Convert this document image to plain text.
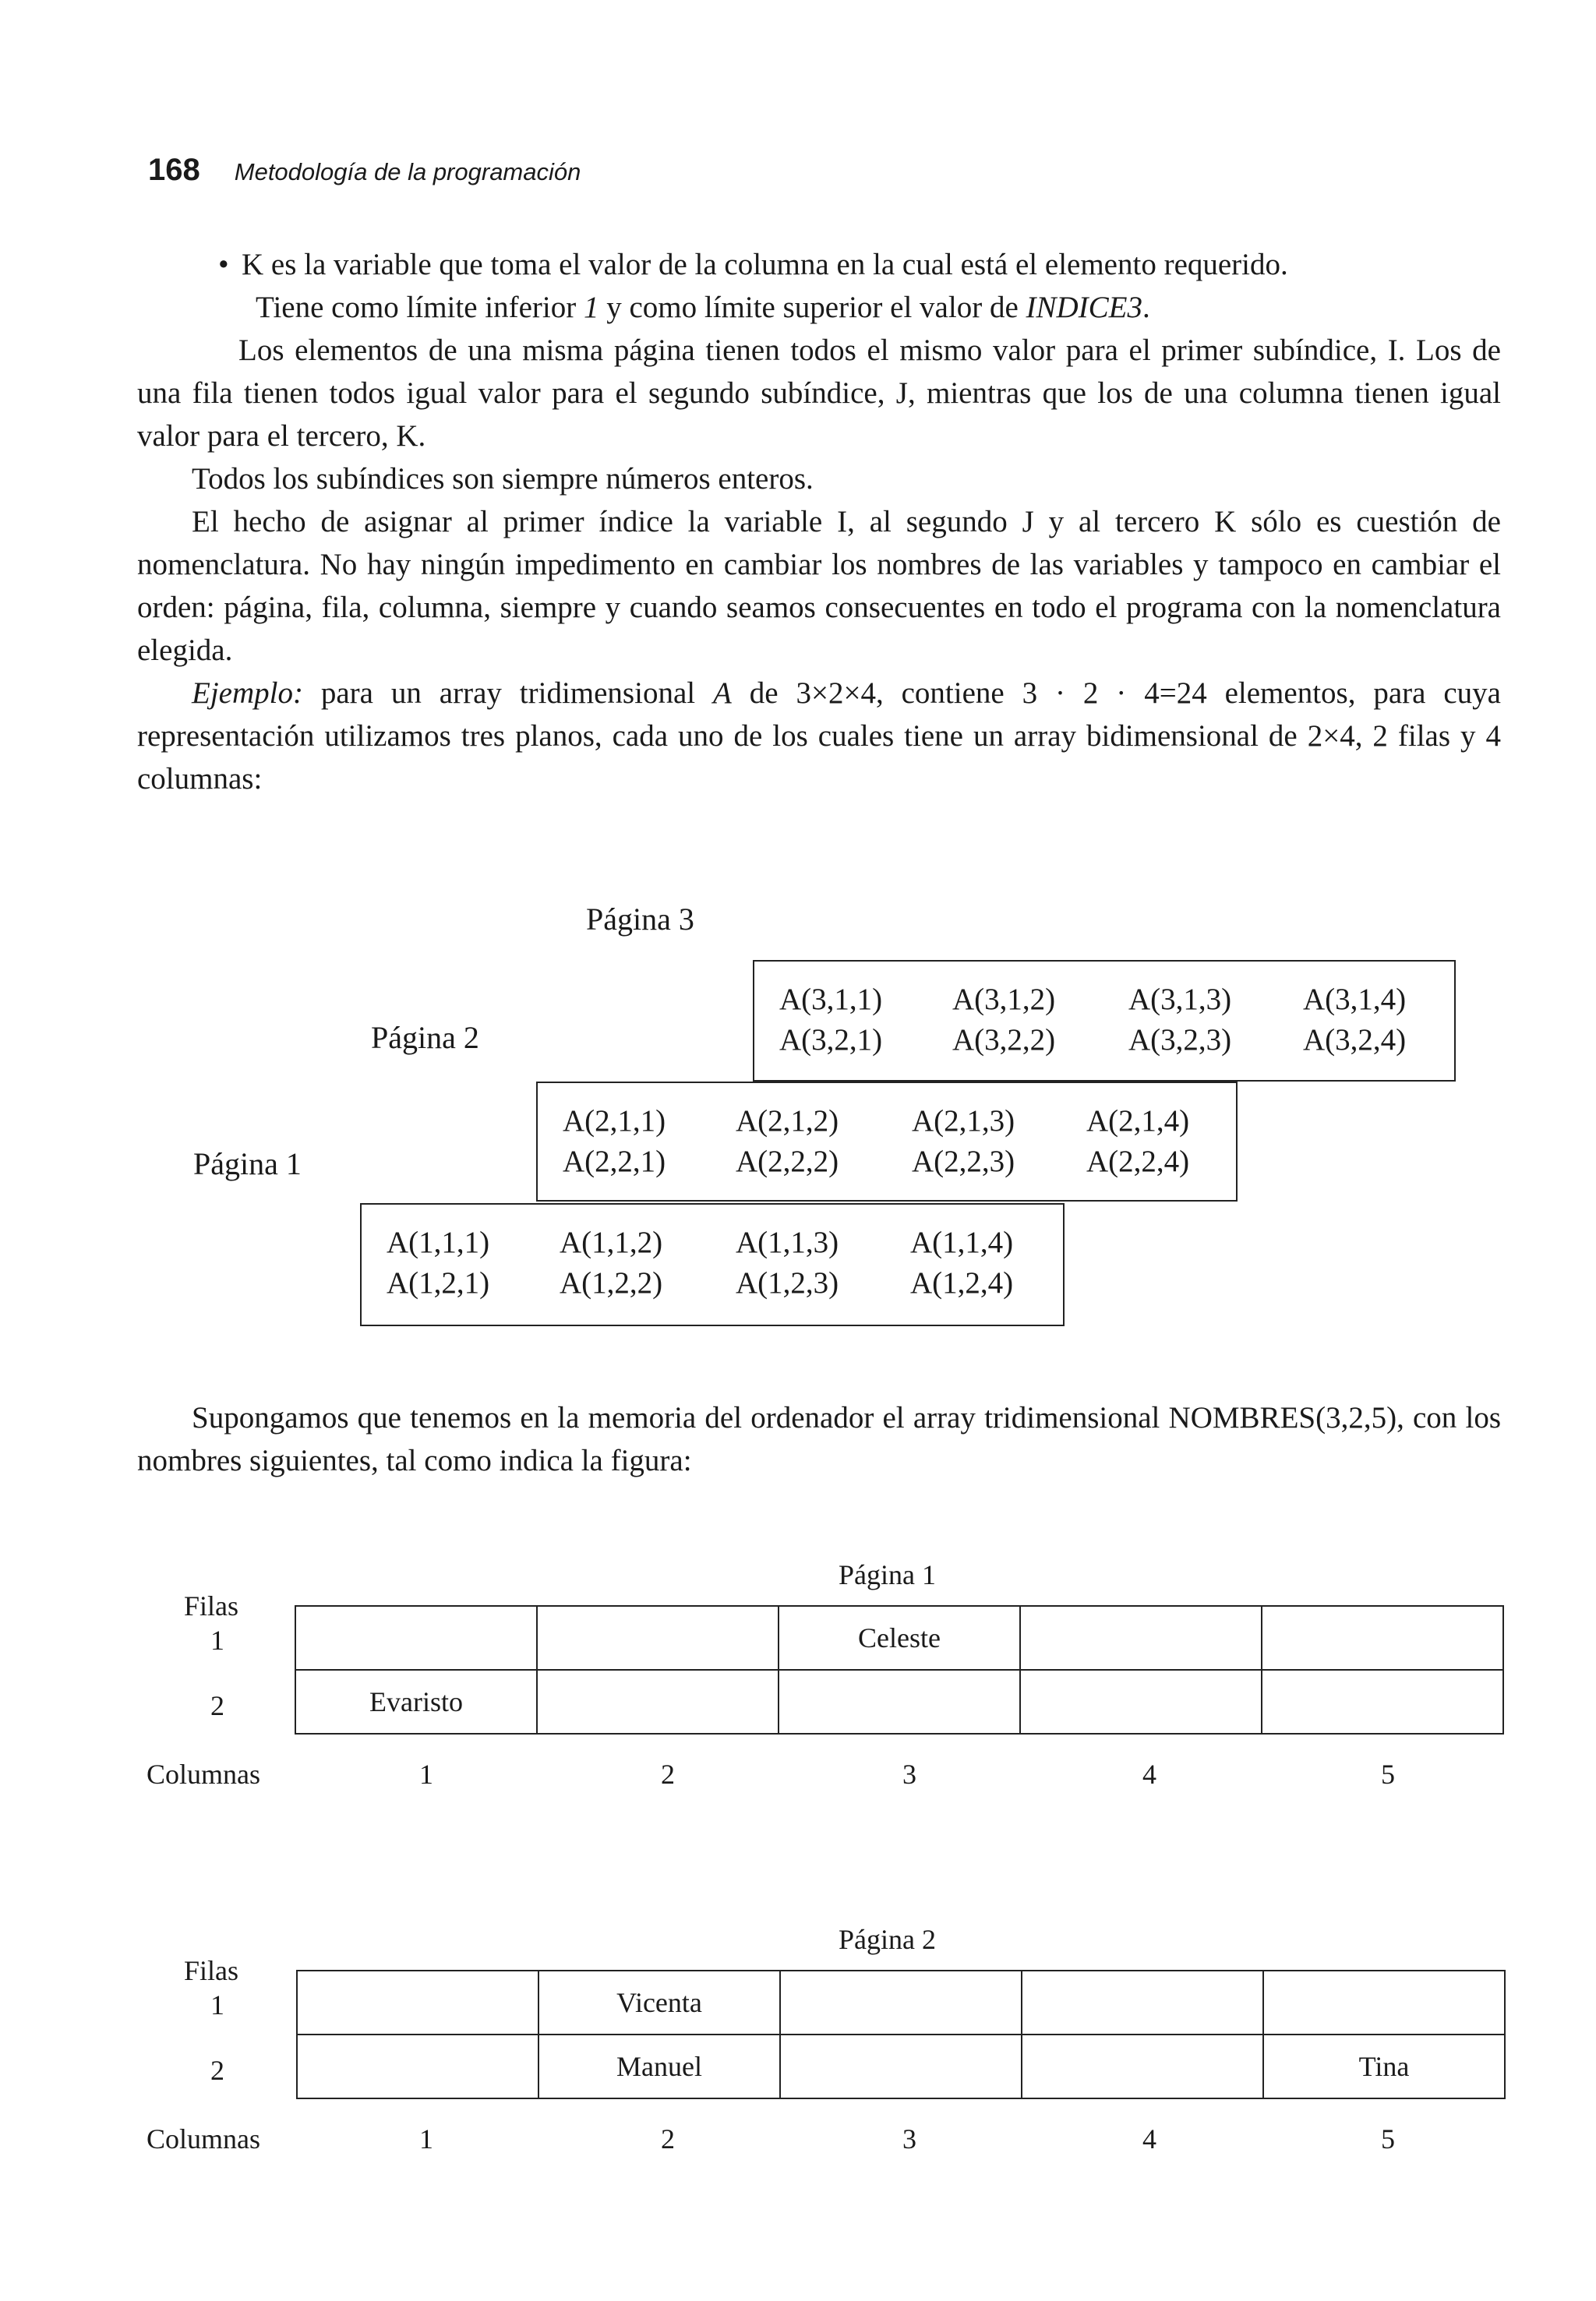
168 Metodología de la programación

• K es la variable que toma el valor de la columna en la cual está el elemento requerido.

Tiene como límite inferior 1 y como límite superior el valor de INDICE3.

Los elementos de una misma página tienen todos el mismo valor para el primer subíndice, I. Los de una fila tienen todos igual valor para el segundo subíndice, J, mientras que los de una columna tienen igual valor para el tercero, K.

Todos los subíndices son siempre números enteros.

El hecho de asignar al primer índice la variable I, al segundo J y al tercero K sólo es cuestión de nomenclatura. No hay ningún impedimento en cambiar los nombres de las variables y tampoco en cambiar el orden: página, fila, columna, siempre y cuando seamos consecuentes en todo el programa con la nomenclatura elegida.

Ejemplo: para un array tridimensional A de 3×2×4, contiene 3 · 2 · 4=24 elementos, para cuya representación utilizamos tres planos, cada uno de los cuales tiene un array bidimensional de 2×4, 2 filas y 4 columnas:

Página 3
Página 2
Página 1
A(3,1,1)	A(3,1,2)	A(3,1,3)	A(3,1,4)
A(3,2,1)	A(3,2,2)	A(3,2,3)	A(3,2,4)
A(2,1,1)	A(2,1,2)	A(2,1,3)	A(2,1,4)
A(2,2,1)	A(2,2,2)	A(2,2,3)	A(2,2,4)
A(1,1,1)	A(1,1,2)	A(1,1,3)	A(1,1,4)
A(1,2,1)	A(1,2,2)	A(1,2,3)	A(1,2,4)
Página 1
Filas
1
2
		Celeste		
Evaristo				
Columnas	1	2	3	4	5
Página 2
Filas
1
2
	Vicenta			
	Manuel			Tina
Columnas	1	2	3	4	5

Supongamos que tenemos en la memoria del ordenador el array tridimensional NOMBRES(3,2,5), con los nombres siguientes, tal como indica la figura:
